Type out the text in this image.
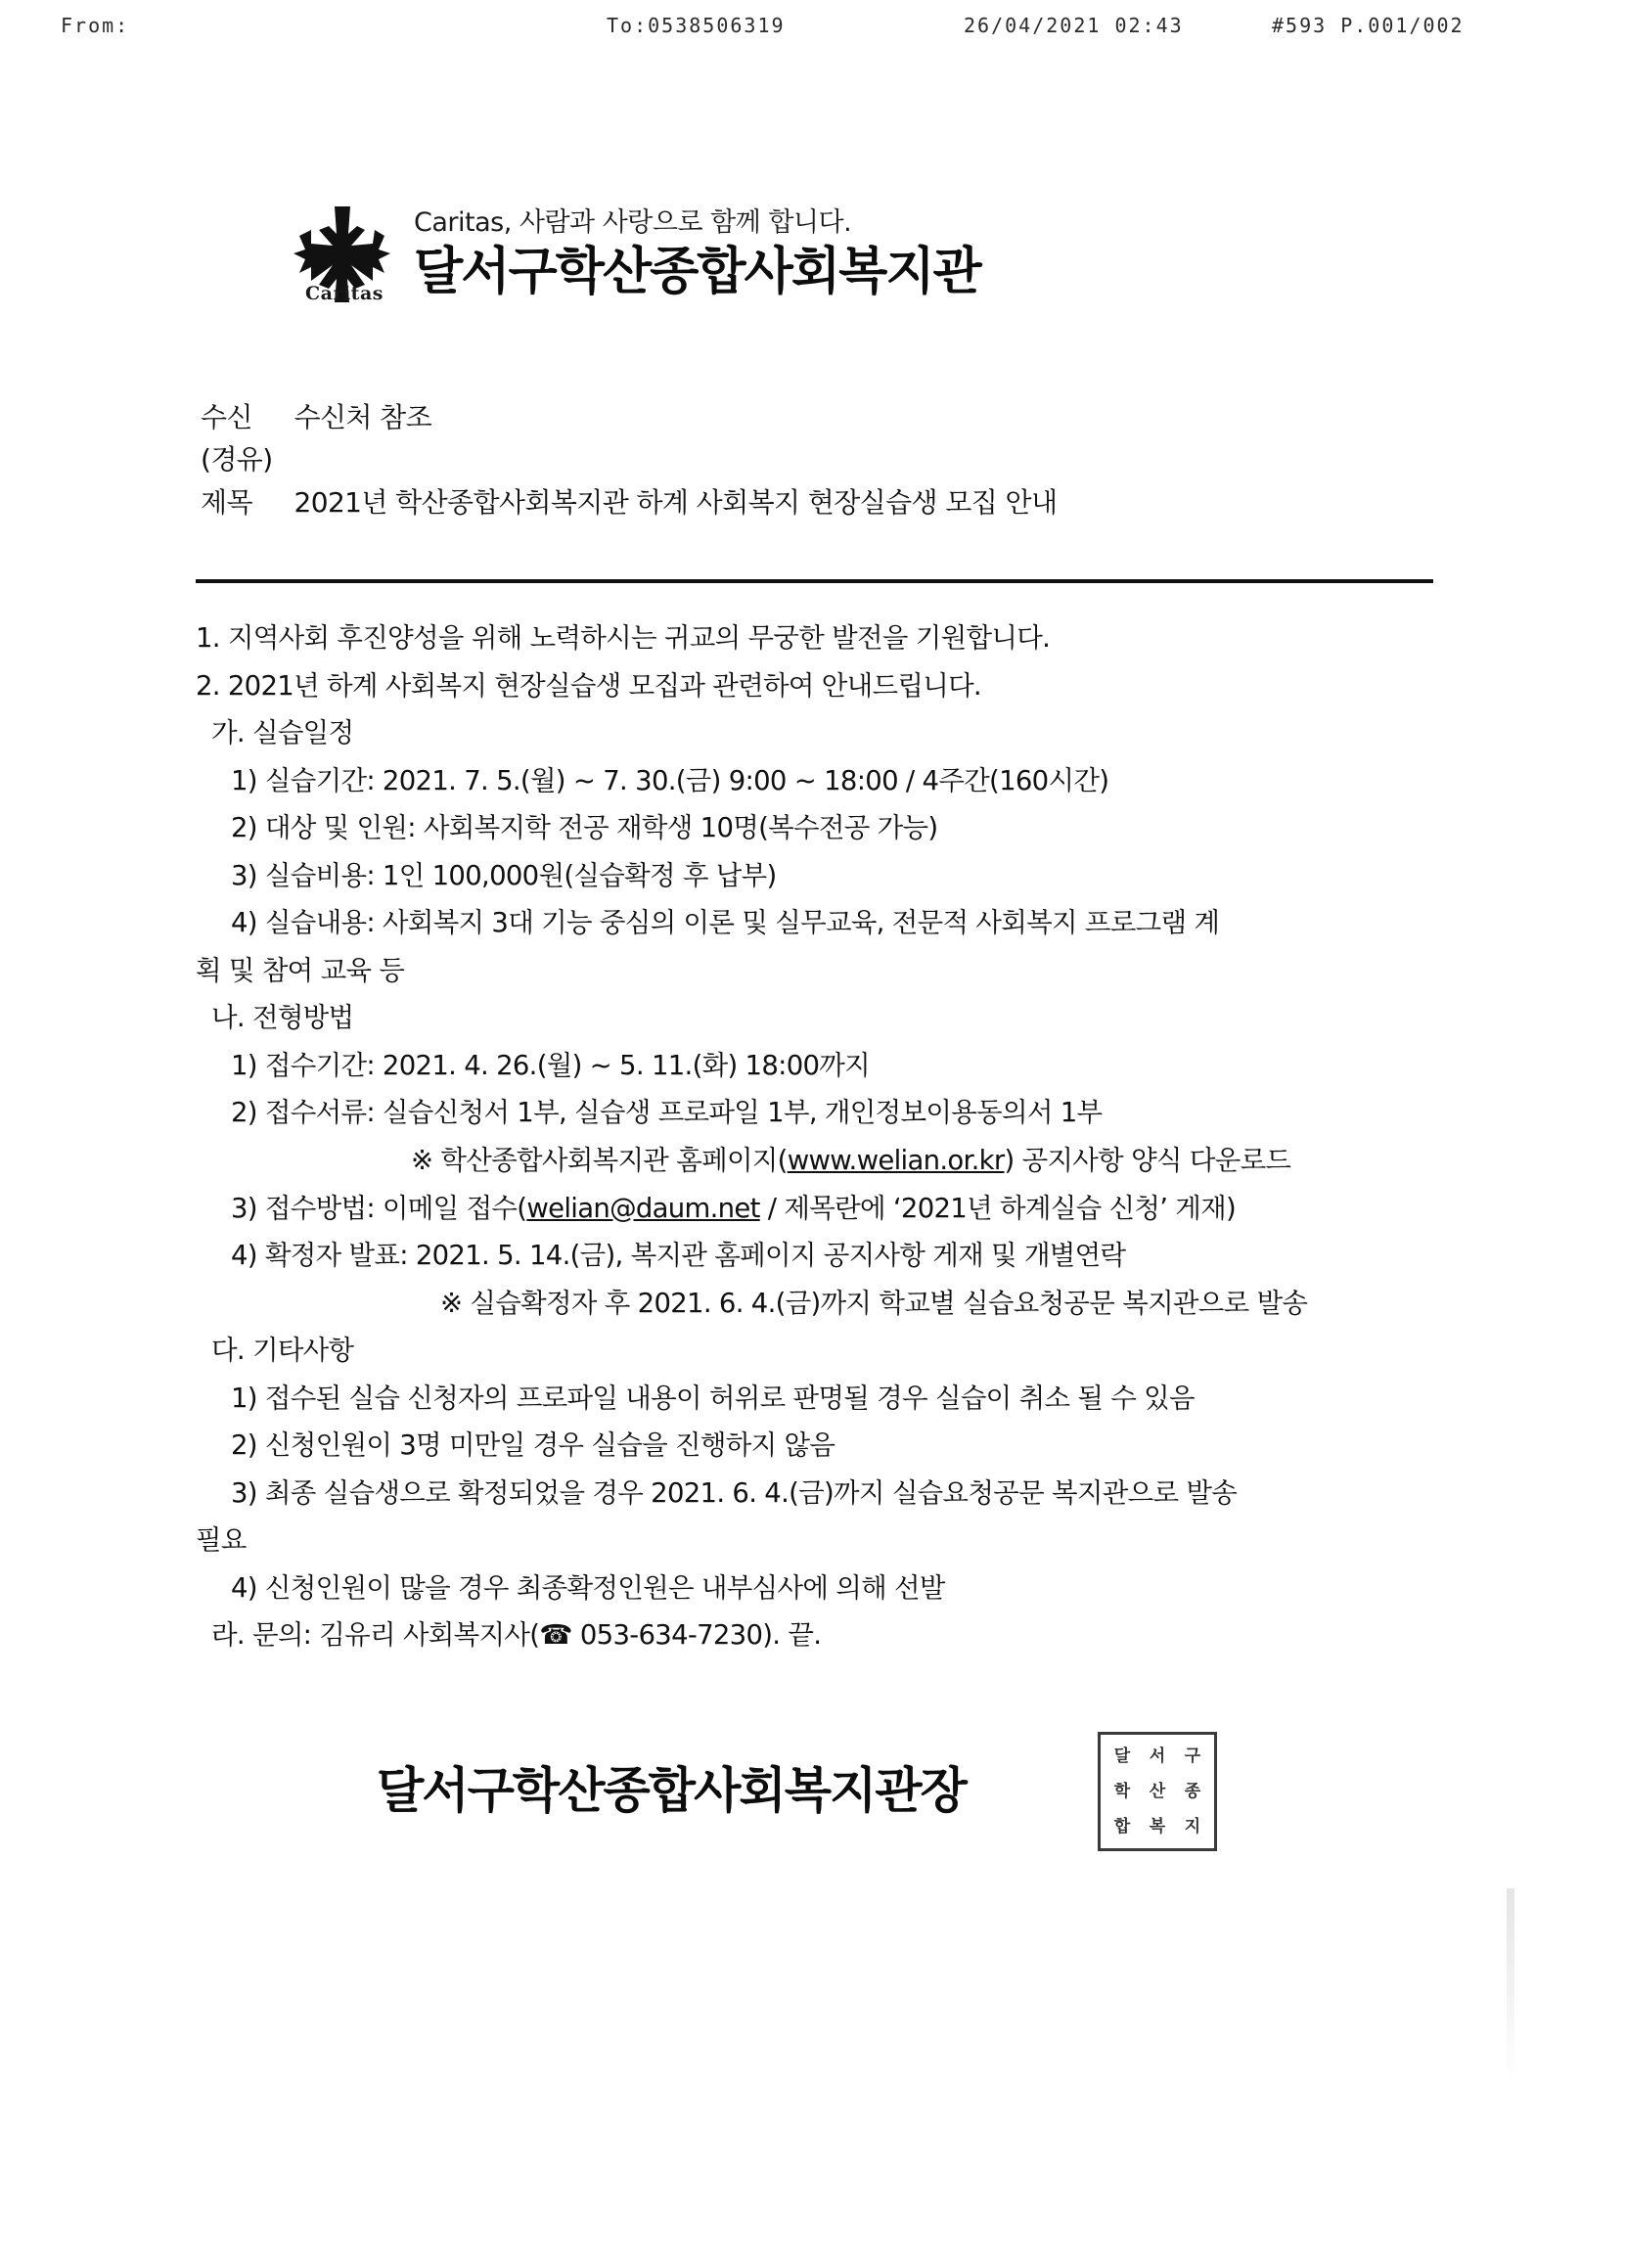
From:	To:0538506319	26/04/2021 02:43	#593 P.001/002
Caritas
Caritas, 사람과 사랑으로 함께 합니다.
달서구학산종합사회복지관
수신 수신처 참조
(경유)
제목 2021년 학산종합사회복지관 하계 사회복지 현장실습생 모집 안내

1. 지역사회 후진양성을 위해 노력하시는 귀교의 무궁한 발전을 기원합니다.

2. 2021년 하계 사회복지 현장실습생 모집과 관련하여 안내드립니다.

가. 실습일정

1) 실습기간: 2021. 7. 5.(월) ~ 7. 30.(금) 9:00 ~ 18:00 / 4주간(160시간)

2) 대상 및 인원: 사회복지학 전공 재학생 10명(복수전공 가능)

3) 실습비용: 1인 100,000원(실습확정 후 납부)

4) 실습내용: 사회복지 3대 기능 중심의 이론 및 실무교육, 전문적 사회복지 프로그램 계

획 및 참여 교육 등

나. 전형방법

1) 접수기간: 2021. 4. 26.(월) ~ 5. 11.(화) 18:00까지

2) 접수서류: 실습신청서 1부, 실습생 프로파일 1부, 개인정보이용동의서 1부

※ 학산종합사회복지관 홈페이지(www.welian.or.kr) 공지사항 양식 다운로드

3) 접수방법: 이메일 접수(welian@daum.net / 제목란에 ‘2021년 하계실습 신청’ 게재)

4) 확정자 발표: 2021. 5. 14.(금), 복지관 홈페이지 공지사항 게재 및 개별연락

※ 실습확정자 후 2021. 6. 4.(금)까지 학교별 실습요청공문 복지관으로 발송

다. 기타사항

1) 접수된 실습 신청자의 프로파일 내용이 허위로 판명될 경우 실습이 취소 될 수 있음

2) 신청인원이 3명 미만일 경우 실습을 진행하지 않음

3) 최종 실습생으로 확정되었을 경우 2021. 6. 4.(금)까지 실습요청공문 복지관으로 발송

필요

4) 신청인원이 많을 경우 최종확정인원은 내부심사에 의해 선발

라. 문의: 김유리 사회복지사(☎ 053-634-7230). 끝.

달서구학산종합사회복지관장
달	서	구
학	산	종
합	복	지
